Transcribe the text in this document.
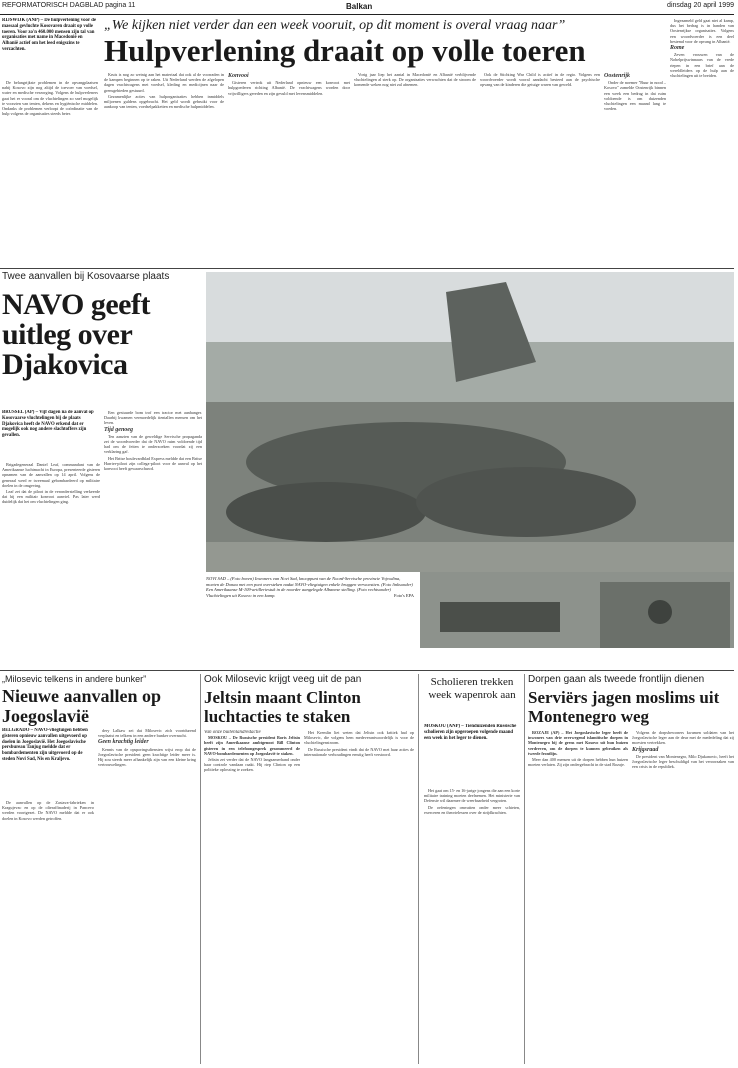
REFORMATORISCH DAGBLAD pagina 11	Balkan	dinsdag 20 april 1999
RIJSWIJK (ANP) – De hulpverlening voor de massaal gevluchte Kosovaren draait op volle toeren. Voor zo'n 460.000 mensen zijn tal van organisaties met name in Macedonië en Albanië actief om het leed enigszins te verzachten.

De belangrijkste problemen in de opvangplaatsen nabij Kosovo zijn nog altijd de toevoer van voedsel, water en medische verzorging. Volgens de hulpverleners gaat het er vooral om de vluchtelingen zo snel mogelijk te voorzien van tenten, dekens en hygiënische middelen. Ondanks de problemen verloopt de coördinatie van de hulp volgens de organisaties steeds beter.

„We kijken niet verder dan een week vooruit, op dit moment is overal vraag naar”
Hulpverlening draait op volle toeren

Kruis is nog zo weinig aan het materiaal dat ook al de voorraden in de kampen beginnen op te raken. Uit Nederland werden de afgelopen dagen vrachtwagens met voedsel, kleding en medicijnen naar de grensgebieden gestuurd.

Gezamenlijke acties van hulporganisaties hebben inmiddels miljoenen guldens opgebracht. Het geld wordt gebruikt voor de aankoop van tenten, voedselpakketten en medische hulpmiddelen.

Konvooi

Gisteren vertrok uit Nederland opnieuw een konvooi met hulpgoederen richting Albanië. De vrachtwagens worden door vrijwilligers gereden en zijn gevuld met levensmiddelen.

Vorig jaar liep het aantal in Macedonië en Albanië verblijvende vluchtelingen al sterk op. De organisaties verwachten dat de stroom de komende weken nog niet zal afnemen.

Ook de Stichting War Child is actief in de regio. Volgens een woordvoerder wordt vooral aandacht besteed aan de psychische opvang van de kinderen die getuige waren van geweld.

Oostenrijk

Onder de noemer "Buur in nood – Kosovo" zamelde Oostenrijk binnen een week een bedrag in dat ruim voldoende is om duizenden vluchtelingen een maand lang te voeden.

Ingezameld geld gaat niet al kamp, dus het bedrag is in handen van Oostenrijkse organisaties. Volgens een woordvoerder is een deel bestemd voor de opvang in Albanië.

Rome

Zeven vrouwen van de Nobelprijswinnaars van de vrede riepen in een brief aan de wereldleiders op de hulp aan de vluchtelingen uit te breiden.

Twee aanvallen bij Kosovaarse plaats
NAVO geeft uitleg over Djakovica
BRUSSEL (AP) – Vijf dagen na de aanval op Kosovaarse vluchtelingen bij de plaats Djakovica heeft de NAVO erkend dat er mogelijk ook nog andere slachtoffers zijn gevallen.

Brigadegeneraal Daniel Leaf, commandant van de Amerikaanse luchtmacht in Europa, presenteerde gisteren opnamen van de aanvallen op 14 april. Volgens de generaal werd er tweemaal gebombardeerd op militaire doelen in de omgeving.

Leaf zei dat de piloot in de veronderstelling verkeerde dat hij een militair konvooi aanviel. Pas later werd duidelijk dat het om vluchtelingen ging.

Een gestuurde bom trof een tractor met aanhanger. Daarbij kwamen vermoedelijk tientallen mensen om het leven.

Tijd genoeg

Ten aanzien van de geweldige Servische propaganda zei de woordvoerder dat de NAVO ruim voldoende tijd had om de feiten te onderzoeken voordat zij een verklaring gaf.

Het Britse boulevardblad Express meldde dat een Britse Harrier-piloot zijn collega-piloot voor de aanval op het konvooi heeft gewaarschuwd.

NOVI SAD – (Foto boven) Inwoners van Novi Sad, knooppunt van de Noord-Servische provincie Vojvodina, moeten de Donau met een pont oversteken nadat NAVO-vliegtuigen enkele bruggen verwoestten. (Foto linksonder) Een Amerikaanse M-109-artilleriestuk in de noorder aangelegde Albanese stelling. (Foto rechtsonder) Vluchtelingen uit Kosovo in een kamp.	Foto's EPA
„Milosevic telkens in andere bunker”
Nieuwe aanvallen op Joegoslavië
BELGRADO – NAVO-vliegtuigen hebben gisteren opnieuw aanvallen uitgevoerd op doelen in Joegoslavië. Het Joegoslavische persbureau Tanjug meldde dat er bombardementen zijn uitgevoerd op de steden Novi Sad, Nis en Kraljevo.

De aanvallen op de Zastava-fabrieken in Kragujevac en op de olieraffinaderij in Pancevo werden voortgezet. De NAVO meldde dat er ook doelen in Kosovo werden getroffen.

dery Lalkaw zei dat Milosevic zich voortdurend verplaatst en telkens in een andere bunker overnacht.

Geen krachtig leider

Kennis van de opsporingsdiensten wijst erop dat de Joegoslavische president geen krachtige leider meer is. Hij zou steeds meer afhankelijk zijn van een kleine kring vertrouwelingen.

Ook Milosevic krijgt veeg uit de pan
Jeltsin maant Clinton luchtacties te staken
Van onze buitenlandredactie

MOSKOU – De Russische president Boris Jeltsin heeft zijn Amerikaanse ambtgenoot Bill Clinton gisteren in een telefoongesprek gesommeerd de NAVO-bombardementen op Joegoslavië te staken.

Jeltsin zei verder dat de NAVO langzamerhand onder haar controle vandaan raakt. Hij riep Clinton op een politieke oplossing te zoeken.

Het Kremlin liet weten dat Jeltsin ook kritiek had op Milosevic, die volgens hem medeverantwoordelijk is voor de vluchtelingenstroom.

De Russische president vindt dat de NAVO met haar acties de internationale verhoudingen ernstig heeft verstoord.

Scholieren trekken week wapenrok aan
MOSKOU (ANP) – Tienduizenden Russische scholieren zijn opgeroepen volgende maand een week in het leger te dienen.

Het gaat om 15- en 16-jarige jongens die aan een korte militaire training moeten deelnemen. Het ministerie van Defensie wil daarmee de weerbaarheid vergroten.

De oefeningen omvatten onder meer schieten, exerceren en theorielessen over de strijdkrachten.

Dorpen gaan als tweede frontlijn dienen
Serviërs jagen moslims uit Montenegro weg

ROZAJE (AP) – Het Joegoslavische leger heeft de inwoners van drie overwegend islamitische dorpen in Montenegro bij de grens met Kosovo uit hun huizen verdreven, om de dorpen te kunnen gebruiken als tweede frontlijn.

Meer dan 400 mensen uit de dorpen hebben hun huizen moeten verlaten. Zij zijn ondergebracht in de stad Rozaje.

Volgens de dorpsbewoners kwamen soldaten van het Joegoslavische leger aan de deur met de mededeling dat zij moesten vertrekken.

Krijgsraad

De president van Montenegro, Milo Djukanovic, heeft het Joegoslavische leger beschuldigd van het veroorzaken van een crisis in de republiek.
